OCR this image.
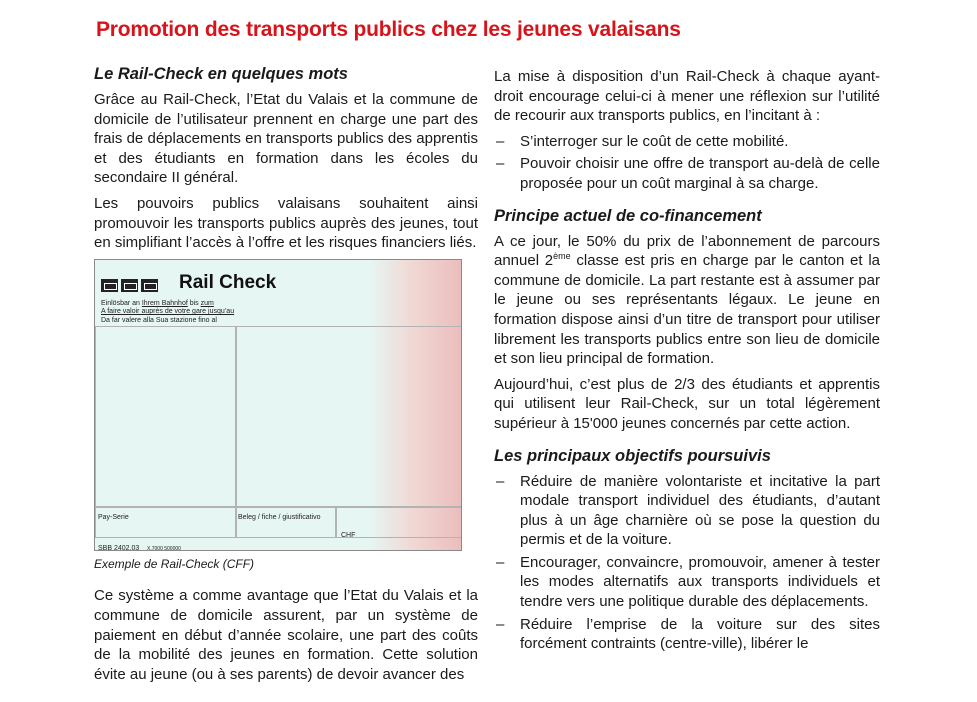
Promotion des transports publics chez les jeunes valaisans
Le Rail-Check en quelques mots

Grâce au Rail-Check, l’Etat du Valais et la commune de domicile de l’utilisateur prennent en charge une part des frais de déplacements en transports publics des apprentis et des étudiants en formation dans les écoles du secondaire II général.

Les pouvoirs publics valaisans souhaitent ainsi promouvoir les transports publics auprès des jeunes, tout en simplifiant l’accès à l’offre et les risques financiers liés.

Rail Check
Einlösbar an Ihrem Bahnhof bis zum
A faire valoir auprès de votre gare jusqu’au
Da far valere alla Sua stazione fino al
Pay-Serie	Beleg / fiche / giustificativo
CHF
SBB 2402.03 X.7000 500000
Exemple de Rail-Check (CFF)

Ce système a comme avantage que l’Etat du Valais et la commune de domicile assurent, par un système de paiement en début d’année scolaire, une part des coûts de la mobilité des jeunes en formation. Cette solution évite au jeune (ou à ses parents) de devoir avancer des

La mise à disposition d’un Rail-Check à chaque ayant-droit encourage celui-ci à mener une réflexion sur l’utilité de recourir aux transports publics, en l’incitant à :

– S’interroger sur le coût de cette mobilité.
– Pouvoir choisir une offre de transport au-delà de celle proposée pour un coût marginal à sa charge.
Principe actuel de co-financement

A ce jour, le 50% du prix de l’abonnement de parcours annuel 2ème classe est pris en charge par le canton et la commune de domicile. La part restante est à assumer par le jeune ou ses représentants légaux. Le jeune en formation dispose ainsi d’un titre de transport pour utiliser librement les transports publics entre son lieu de domicile et son lieu principal de formation.

Aujourd’hui, c’est plus de 2/3 des étudiants et apprentis qui utilisent leur Rail-Check, sur un total légèrement supérieur à 15'000 jeunes concernés par cette action.

Les principaux objectifs poursuivis
– Réduire de manière volontariste et incitative la part modale transport individuel des étudiants, d’autant plus à un âge charnière où se pose la question du permis et de la voiture.
– Encourager, convaincre, promouvoir, amener à tester les modes alternatifs aux transports individuels et tendre vers une politique durable des déplacements.
– Réduire l’emprise de la voiture sur des sites forcément contraints (centre-ville), libérer le
